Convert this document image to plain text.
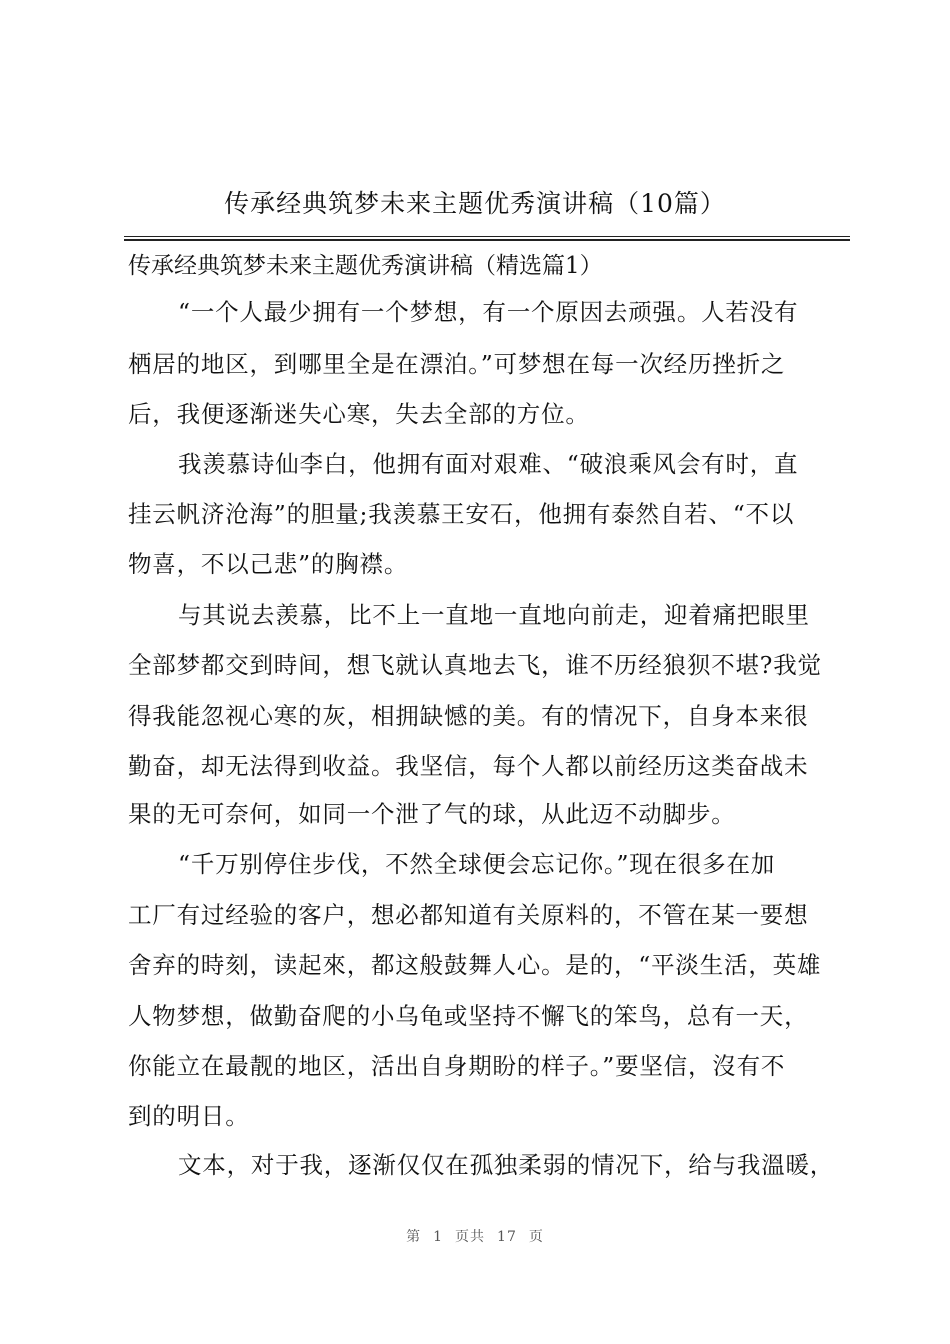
传承经典筑梦未来主题优秀演讲稿（10篇）
传承经典筑梦未来主题优秀演讲稿（精选篇1）
“一个人最少拥有一个梦想，有一个原因去顽强。人若没有
栖居的地区，到哪里全是在漂泊。”可梦想在每一次经历挫折之
后，我便逐渐迷失心寒，失去全部的方位。
我羡慕诗仙李白，他拥有面对艰难、“破浪乘风会有时，直
挂云帆济沧海”的胆量;我羡慕王安石，他拥有泰然自若、“不以
物喜，不以己悲”的胸襟。
与其说去羡慕，比不上一直地一直地向前走，迎着痛把眼里
全部梦都交到時间，想飞就认真地去飞，谁不历经狼狈不堪?我觉
得我能忽视心寒的灰，相拥缺憾的美。有的情况下，自身本来很
勤奋，却无法得到收益。我坚信，每个人都以前经历这类奋战未
果的无可奈何，如同一个泄了气的球，从此迈不动脚步。
“千万别停住步伐，不然全球便会忘记你。”现在很多在加
工厂有过经验的客户，想必都知道有关原料的，不管在某一要想
舍弃的時刻，读起來，都这般鼓舞人心。是的，“平淡生活，英雄
人物梦想，做勤奋爬的小乌龟或坚持不懈飞的笨鸟，总有一天，
你能立在最靓的地区，活出自身期盼的样子。”要坚信，沒有不
到的明日。
文本，对于我，逐渐仅仅在孤独柔弱的情况下，给与我溫暖，
第 1 页共 17 页
